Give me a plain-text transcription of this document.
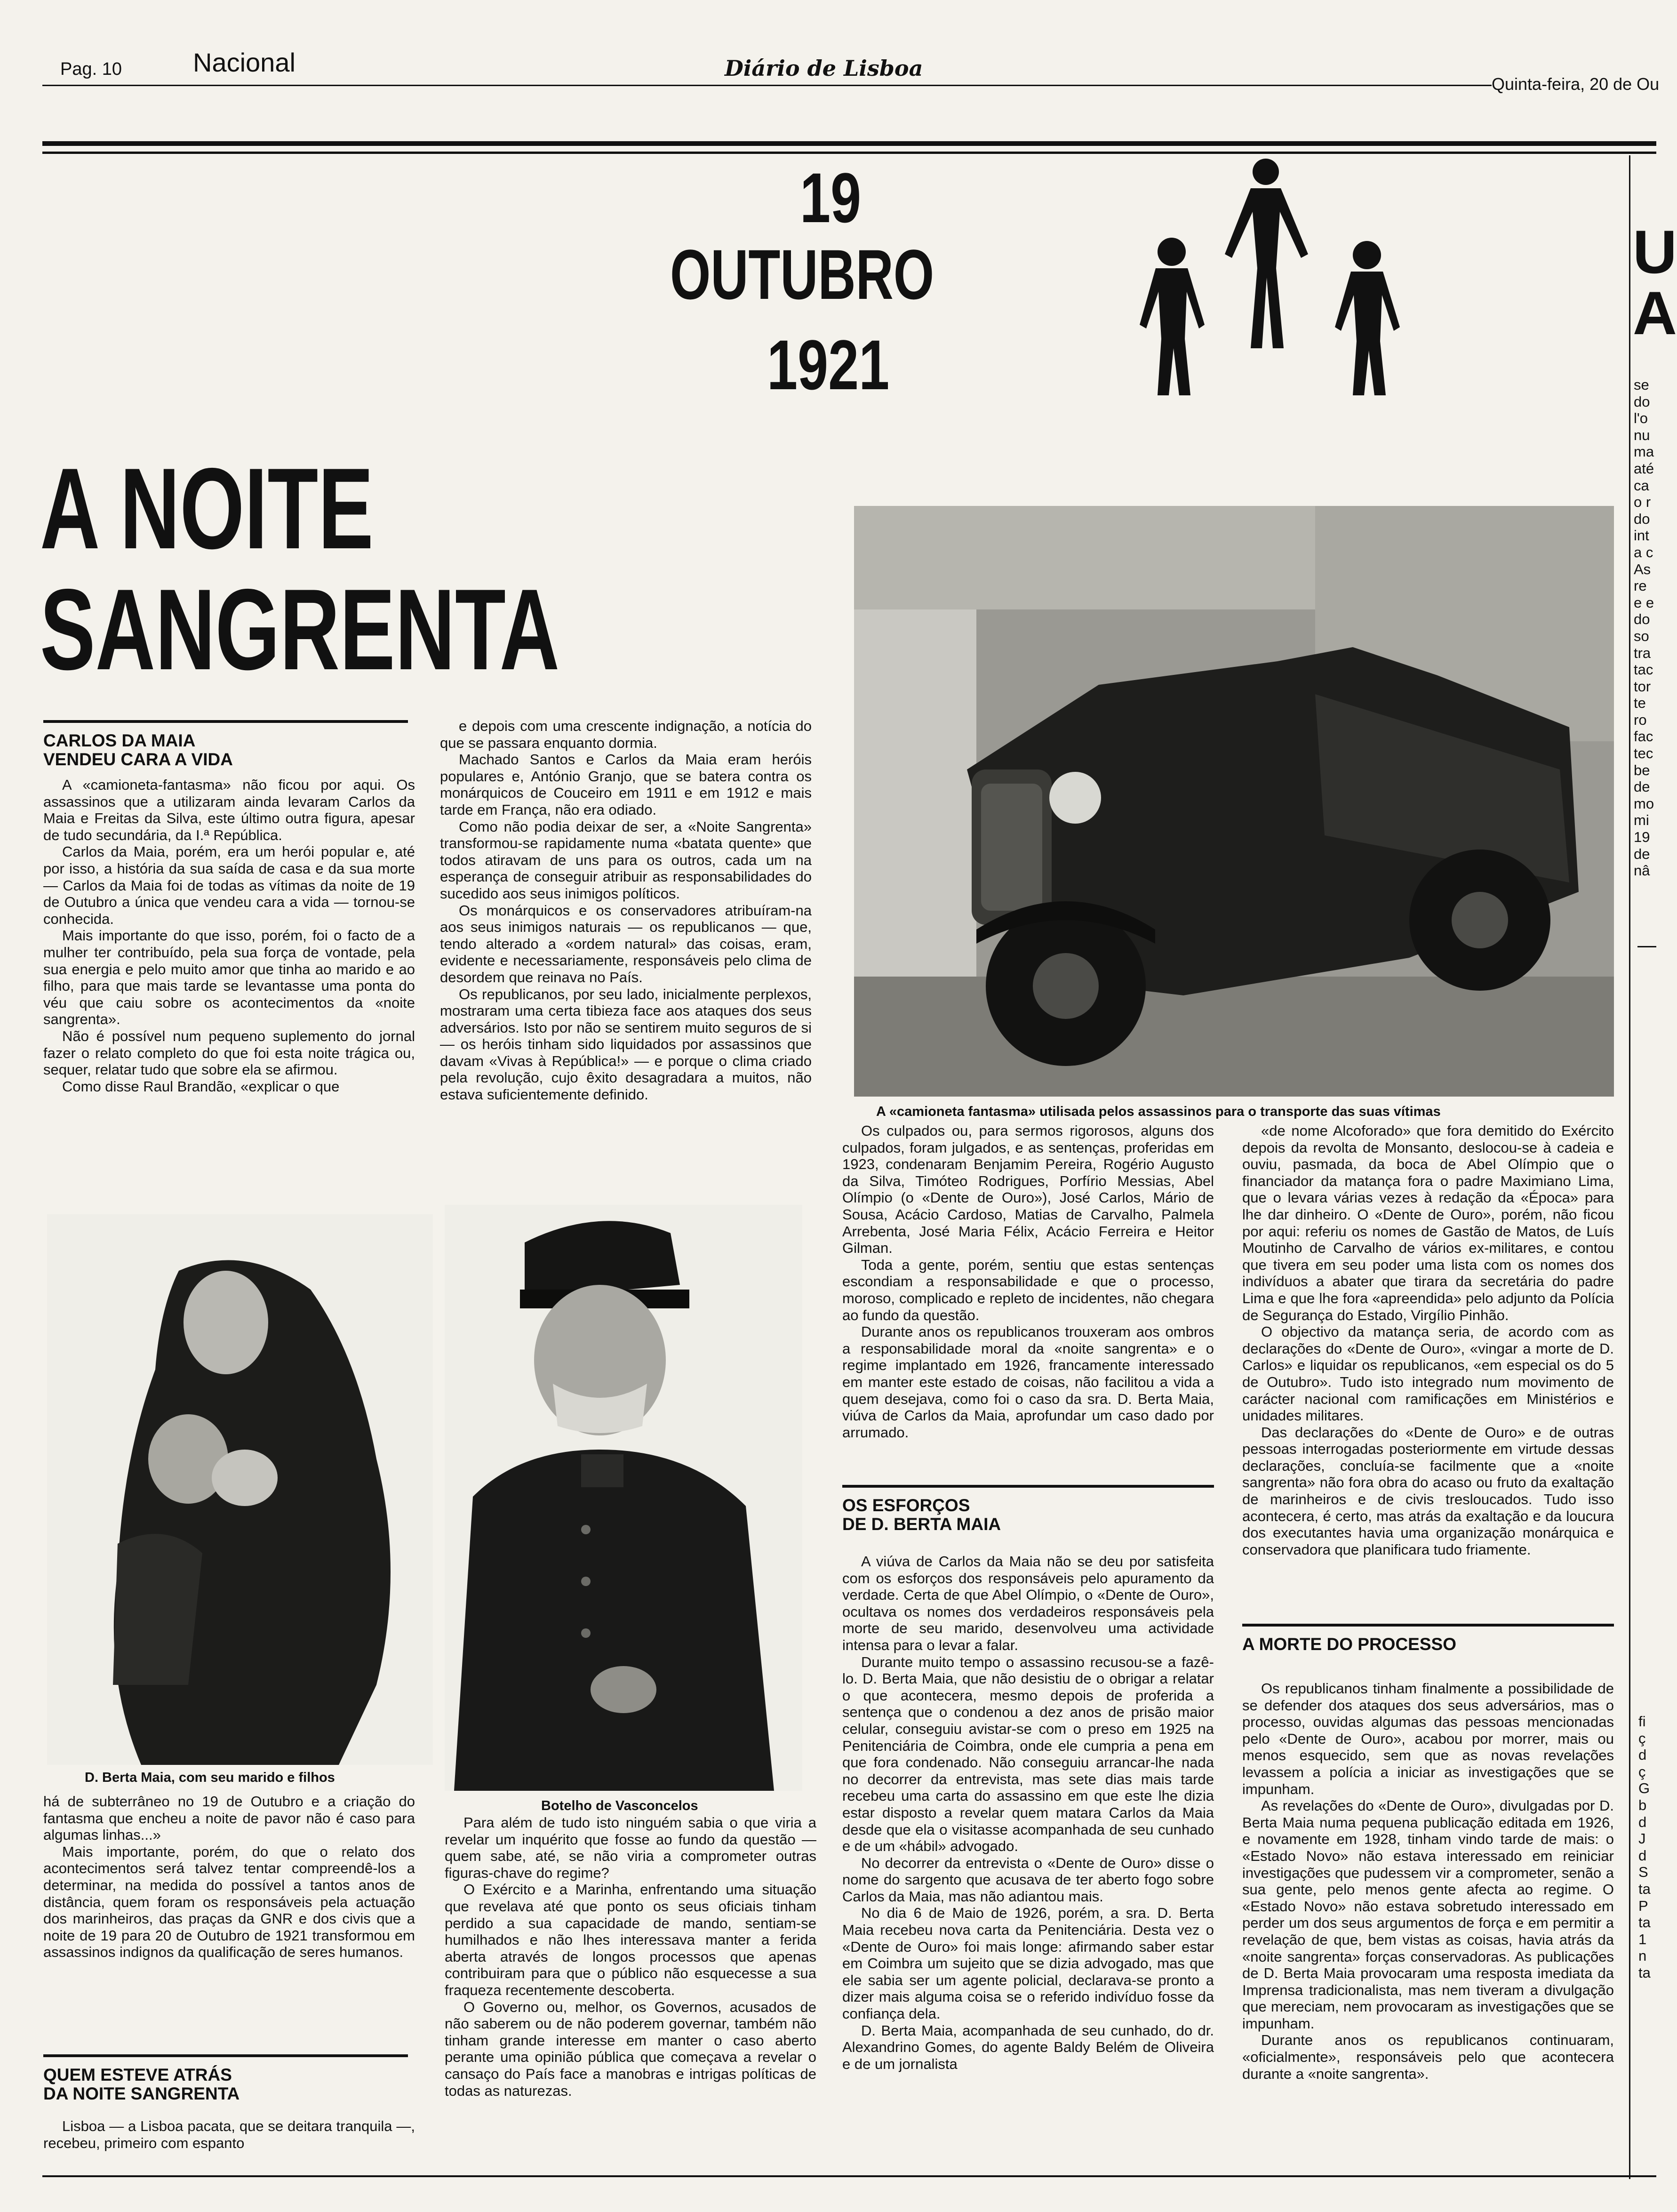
Pag. 10	Nacional	Diário de Lisboa
Quinta-feira, 20 de Ou
19
OUTUBRO
1921
A NOITE
SANGRENTA
CARLOS DA MAIA
VENDEU CARA A VIDA

A «camioneta-fantasma» não ficou por aqui. Os assassinos que a utilizaram ainda levaram Carlos da Maia e Freitas da Silva, este último outra figura, apesar de tudo secundária, da I.ª República.

Carlos da Maia, porém, era um herói popular e, até por isso, a história da sua saída de casa e da sua morte — Carlos da Maia foi de todas as vítimas da noite de 19 de Outubro a única que vendeu cara a vida — tornou-se conhecida.

Mais importante do que isso, porém, foi o facto de a mulher ter contribuído, pela sua força de vontade, pela sua energia e pelo muito amor que tinha ao marido e ao filho, para que mais tarde se levantasse uma ponta do véu que caiu sobre os acontecimentos da «noite sangrenta».

Não é possível num pequeno suplemento do jornal fazer o relato completo do que foi esta noite trágica ou, sequer, relatar tudo que sobre ela se afirmou.

Como disse Raul Brandão, «explicar o que

e depois com uma crescente indignação, a notícia do que se passara enquanto dormia.

Machado Santos e Carlos da Maia eram heróis populares e, António Granjo, que se batera contra os monárquicos de Couceiro em 1911 e em 1912 e mais tarde em França, não era odiado.

Como não podia deixar de ser, a «Noite Sangrenta» transformou-se rapidamente numa «batata quente» que todos atiravam de uns para os outros, cada um na esperança de conseguir atribuir as responsabilidades do sucedido aos seus inimigos políticos.

Os monárquicos e os conservadores atribuíram-na aos seus inimigos naturais — os republicanos — que, tendo alterado a «ordem natural» das coisas, eram, evidente e necessariamente, responsáveis pelo clima de desordem que reinava no País.

Os republicanos, por seu lado, inicialmente perplexos, mostraram uma certa tibieza face aos ataques dos seus adversários. Isto por não se sentirem muito seguros de si — os heróis tinham sido liquidados por assassinos que davam «Vivas à República!» — e porque o clima criado pela revolução, cujo êxito desagradara a muitos, não estava suficientemente definido.

A «camioneta fantasma» utilisada pelos assassinos para o transporte das suas vítimas

Os culpados ou, para sermos rigorosos, alguns dos culpados, foram julgados, e as sentenças, proferidas em 1923, condenaram Benjamim Pereira, Rogério Augusto da Silva, Timóteo Rodrigues, Porfírio Messias, Abel Olímpio (o «Dente de Ouro»), José Carlos, Mário de Sousa, Acácio Cardoso, Matias de Carvalho, Palmela Arrebenta, José Maria Félix, Acácio Ferreira e Heitor Gilman.

Toda a gente, porém, sentiu que estas sentenças escondiam a responsabilidade e que o processo, moroso, complicado e repleto de incidentes, não chegara ao fundo da questão.

Durante anos os republicanos trouxeram aos ombros a responsabilidade moral da «noite sangrenta» e o regime implantado em 1926, francamente interessado em manter este estado de coisas, não facilitou a vida a quem desejava, como foi o caso da sra. D. Berta Maia, viúva de Carlos da Maia, aprofundar um caso dado por arrumado.

«de nome Alcoforado» que fora demitido do Exército depois da revolta de Monsanto, deslocou-se à cadeia e ouviu, pasmada, da boca de Abel Olímpio que o financiador da matança fora o padre Maximiano Lima, que o levara várias vezes à redação da «Época» para lhe dar dinheiro. O «Dente de Ouro», porém, não ficou por aqui: referiu os nomes de Gastão de Matos, de Luís Moutinho de Carvalho de vários ex-militares, e contou que tivera em seu poder uma lista com os nomes dos indivíduos a abater que tirara da secretária do padre Lima e que lhe fora «apreendida» pelo adjunto da Polícia de Segurança do Estado, Virgílio Pinhão.

O objectivo da matança seria, de acordo com as declarações do «Dente de Ouro», «vingar a morte de D. Carlos» e liquidar os republicanos, «em especial os do 5 de Outubro». Tudo isto integrado num movimento de carácter nacional com ramificações em Ministérios e unidades militares.

Das declarações do «Dente de Ouro» e de outras pessoas interrogadas posteriormente em virtude dessas declarações, concluía-se facilmente que a «noite sangrenta» não fora obra do acaso ou fruto da exaltação de marinheiros e de civis tresloucados. Tudo isso acontecera, é certo, mas atrás da exaltação e da loucura dos executantes havia uma organização monárquica e conservadora que planificara tudo friamente.

D. Berta Maia, com seu marido e filhos
Botelho de Vasconcelos

há de subterrâneo no 19 de Outubro e a criação do fantasma que encheu a noite de pavor não é caso para algumas linhas...»

Mais importante, porém, do que o relato dos acontecimentos será talvez tentar compreendê-los a determinar, na medida do possível a tantos anos de distância, quem foram os responsáveis pela actuação dos marinheiros, das praças da GNR e dos civis que a noite de 19 para 20 de Outubro de 1921 transformou em assassinos indignos da qualificação de seres humanos.

QUEM ESTEVE ATRÁS
DA NOITE SANGRENTA

Lisboa — a Lisboa pacata, que se deitara tranquila —, recebeu, primeiro com espanto

Para além de tudo isto ninguém sabia o que viria a revelar um inquérito que fosse ao fundo da questão — quem sabe, até, se não viria a comprometer outras figuras-chave do regime?

O Exército e a Marinha, enfrentando uma situação que revelava até que ponto os seus oficiais tinham perdido a sua capacidade de mando, sentiam-se humilhados e não lhes interessava manter a ferida aberta através de longos processos que apenas contribuiram para que o público não esquecesse a sua fraqueza recentemente descoberta.

O Governo ou, melhor, os Governos, acusados de não saberem ou de não poderem governar, também não tinham grande interesse em manter o caso aberto perante uma opinião pública que começava a revelar o cansaço do País face a manobras e intrigas políticas de todas as naturezas.

OS ESFORÇOS
DE D. BERTA MAIA

A viúva de Carlos da Maia não se deu por satisfeita com os esforços dos responsáveis pelo apuramento da verdade. Certa de que Abel Olímpio, o «Dente de Ouro», ocultava os nomes dos verdadeiros responsáveis pela morte de seu marido, desenvolveu uma actividade intensa para o levar a falar.

Durante muito tempo o assassino recusou-se a fazê-lo. D. Berta Maia, que não desistiu de o obrigar a relatar o que acontecera, mesmo depois de proferida a sentença que o condenou a dez anos de prisão maior celular, conseguiu avistar-se com o preso em 1925 na Penitenciária de Coimbra, onde ele cumpria a pena em que fora condenado. Não conseguiu arrancar-lhe nada no decorrer da entrevista, mas sete dias mais tarde recebeu uma carta do assassino em que este lhe dizia estar disposto a revelar quem matara Carlos da Maia desde que ela o visitasse acompanhada de seu cunhado e de um «hábil» advogado.

No decorrer da entrevista o «Dente de Ouro» disse o nome do sargento que acusava de ter aberto fogo sobre Carlos da Maia, mas não adiantou mais.

No dia 6 de Maio de 1926, porém, a sra. D. Berta Maia recebeu nova carta da Penitenciária. Desta vez o «Dente de Ouro» foi mais longe: afirmando saber estar em Coimbra um sujeito que se dizia advogado, mas que ele sabia ser um agente policial, declarava-se pronto a dizer mais alguma coisa se o referido indivíduo fosse da confiança dela.

D. Berta Maia, acompanhada de seu cunhado, do dr. Alexandrino Gomes, do agente Baldy Belém de Oliveira e de um jornalista

A MORTE DO PROCESSO

Os republicanos tinham finalmente a possibilidade de se defender dos ataques dos seus adversários, mas o processo, ouvidas algumas das pessoas mencionadas pelo «Dente de Ouro», acabou por morrer, mais ou menos esquecido, sem que as novas revelações levassem a polícia a iniciar as investigações que se impunham.

As revelações do «Dente de Ouro», divulgadas por D. Berta Maia numa pequena publicação editada em 1926, e novamente em 1928, tinham vindo tarde de mais: o «Estado Novo» não estava interessado em reiniciar investigações que pudessem vir a comprometer, senão a sua gente, pelo menos gente afecta ao regime. O «Estado Novo» não estava sobretudo interessado em perder um dos seus argumentos de força e em permitir a revelação de que, bem vistas as coisas, havia atrás da «noite sangrenta» forças conservadoras. As publicações de D. Berta Maia provocaram uma resposta imediata da Imprensa tradicionalista, mas nem tiveram a divulgação que mereciam, nem provocaram as investigações que se impunham.

Durante anos os republicanos continuaram, «oficialmente», responsáveis pelo que acontecera durante a «noite sangrenta».

U
A
se
do
l'o
nu
ma
até
ca
o r
do
int
a c
As
re
e e
do
so
tra
tac
tor
te
ro
fac
tec
be
de
mo
mi
19
de
nâ
fi
ç
d
ç
G
b
d
J
d
S
ta
P
ta
1
n
ta
